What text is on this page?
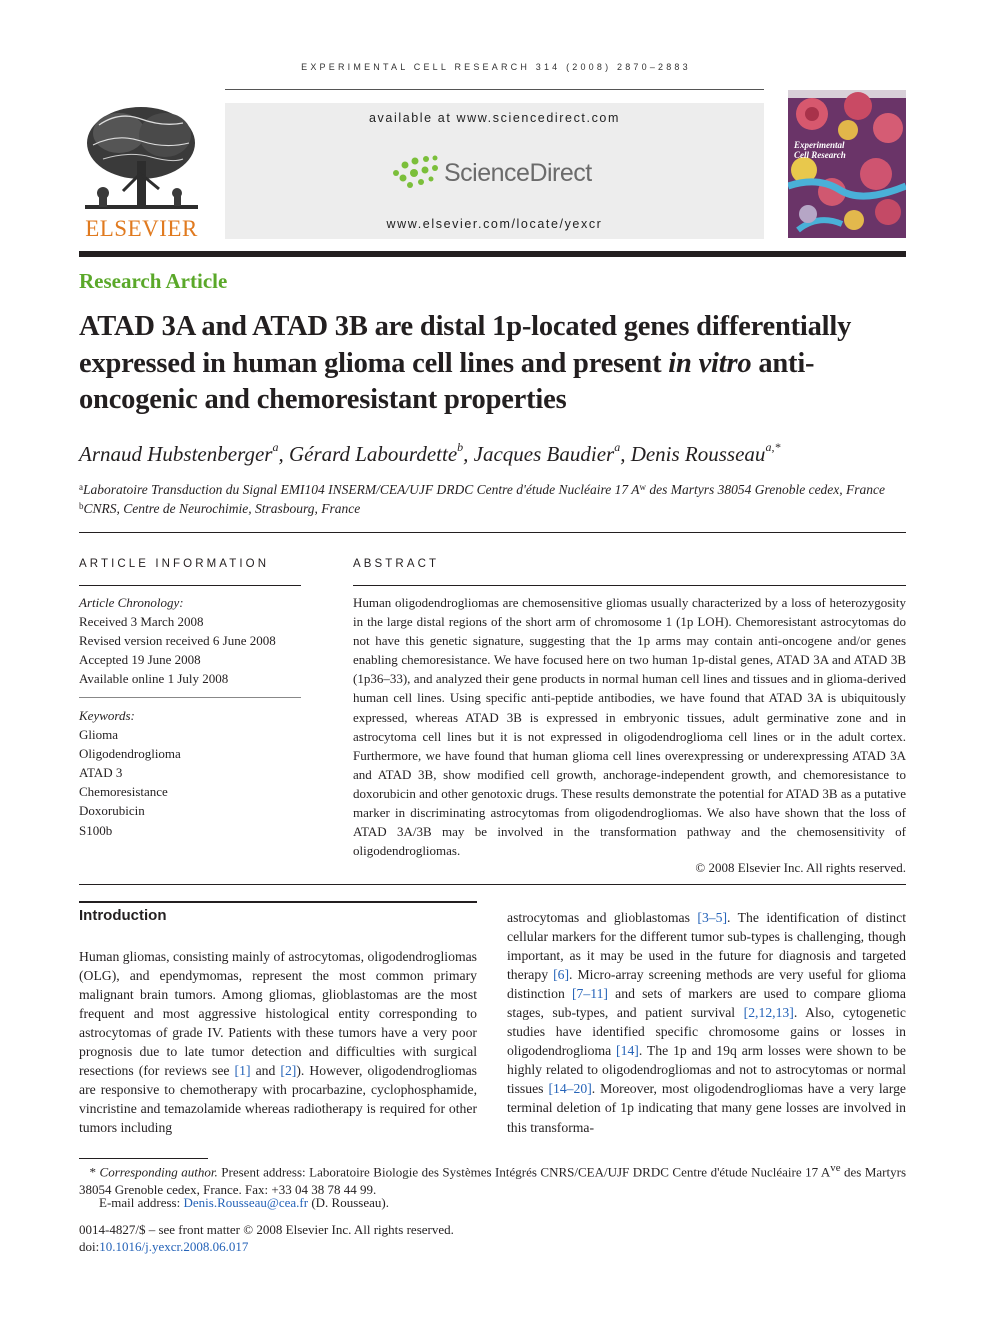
EXPERIMENTAL CELL RESEARCH 314 (2008) 2870–2883
ELSEVIER
available at www.sciencedirect.com
ScienceDirect
www.elsevier.com/locate/yexcr
Experimental
Cell Research
Research Article
ATAD 3A and ATAD 3B are distal 1p-located genes differentially expressed in human glioma cell lines and present in vitro anti-oncogenic and chemoresistant properties
Arnaud Hubstenberger$^a$, Gérard Labourdette$^b$, Jacques Baudier$^a$, Denis Rousseau$^{a,*}$
$^a$Laboratoire Transduction du Signal EMI104 INSERM/CEA/UJF DRDC Centre d'étude Nucléaire 17 $A^w$ des Martyrs 38054 Grenoble cedex, France
$^b$CNRS, Centre de Neurochimie, Strasbourg, France
ARTICLE INFORMATION
Article Chronology:
Received 3 March 2008
Revised version received 6 June 2008
Accepted 19 June 2008
Available online 1 July 2008
Keywords:
Glioma
Oligodendroglioma
ATAD 3
Chemoresistance
Doxorubicin
S100b
ABSTRACT
Human oligodendrogliomas are chemosensitive gliomas usually characterized by a loss of heterozygosity in the large distal regions of the short arm of chromosome 1 (1p LOH). Chemoresistant astrocytomas do not have this genetic signature, suggesting that the 1p arms may contain anti-oncogene and/or genes enabling chemoresistance. We have focused here on two human 1p-distal genes, ATAD 3A and ATAD 3B (1p36–33), and analyzed their gene products in normal human cell lines and tissues and in glioma-derived human cell lines. Using specific anti-peptide antibodies, we have found that ATAD 3A is ubiquitously expressed, whereas ATAD 3B is expressed in embryonic tissues, adult germinative zone and in astrocytoma cell lines but it is not expressed in oligodendroglioma cell lines or in the adult cortex. Furthermore, we have found that human glioma cell lines overexpressing or underexpressing ATAD 3A and ATAD 3B, show modified cell growth, anchorage-independent growth, and chemoresistance to doxorubicin and other genotoxic drugs. These results demonstrate the potential for ATAD 3B as a putative marker in discriminating astrocytomas from oligodendrogliomas. We also have shown that the loss of ATAD 3A/3B may be involved in the transformation pathway and the chemosensitivity of oligodendrogliomas.
© 2008 Elsevier Inc. All rights reserved.
Introduction
Human gliomas, consisting mainly of astrocytomas, oligodendrogliomas (OLG), and ependymomas, represent the most common primary malignant brain tumors. Among gliomas, glioblastomas are the most frequent and most aggressive histological entity corresponding to astrocytomas of grade IV. Patients with these tumors have a very poor prognosis due to late tumor detection and difficulties with surgical resections (for reviews see [1] and [2]). However, oligodendrogliomas are responsive to chemotherapy with procarbazine, cyclophosphamide, vincristine and temazolamide whereas radiotherapy is required for other tumors including
astrocytomas and glioblastomas [3–5]. The identification of distinct cellular markers for the different tumor sub-types is challenging, though important, as it may be used in the future for diagnosis and targeted therapy [6]. Micro-array screening methods are very useful for glioma distinction [7–11] and sets of markers are used to compare glioma stages, sub-types, and patient survival [2,12,13]. Also, cytogenetic studies have identified specific chromosome gains or losses in oligodendroglioma [14]. The 1p and 19q arm losses were shown to be highly related to oligodendrogliomas and not to astrocytomas or normal tissues [14–20]. Moreover, most oligodendrogliomas have a very large terminal deletion of 1p indicating that many gene losses are involved in this transforma-
* Corresponding author. Present address: Laboratoire Biologie des Systèmes Intégrés CNRS/CEA/UJF DRDC Centre d'étude Nucléaire 17 $A^{ve}$ des Martyrs 38054 Grenoble cedex, France. Fax: +33 04 38 78 44 99.
E-mail address: Denis.Rousseau@cea.fr (D. Rousseau).
0014-4827/$ – see front matter © 2008 Elsevier Inc. All rights reserved.
doi:10.1016/j.yexcr.2008.06.017
